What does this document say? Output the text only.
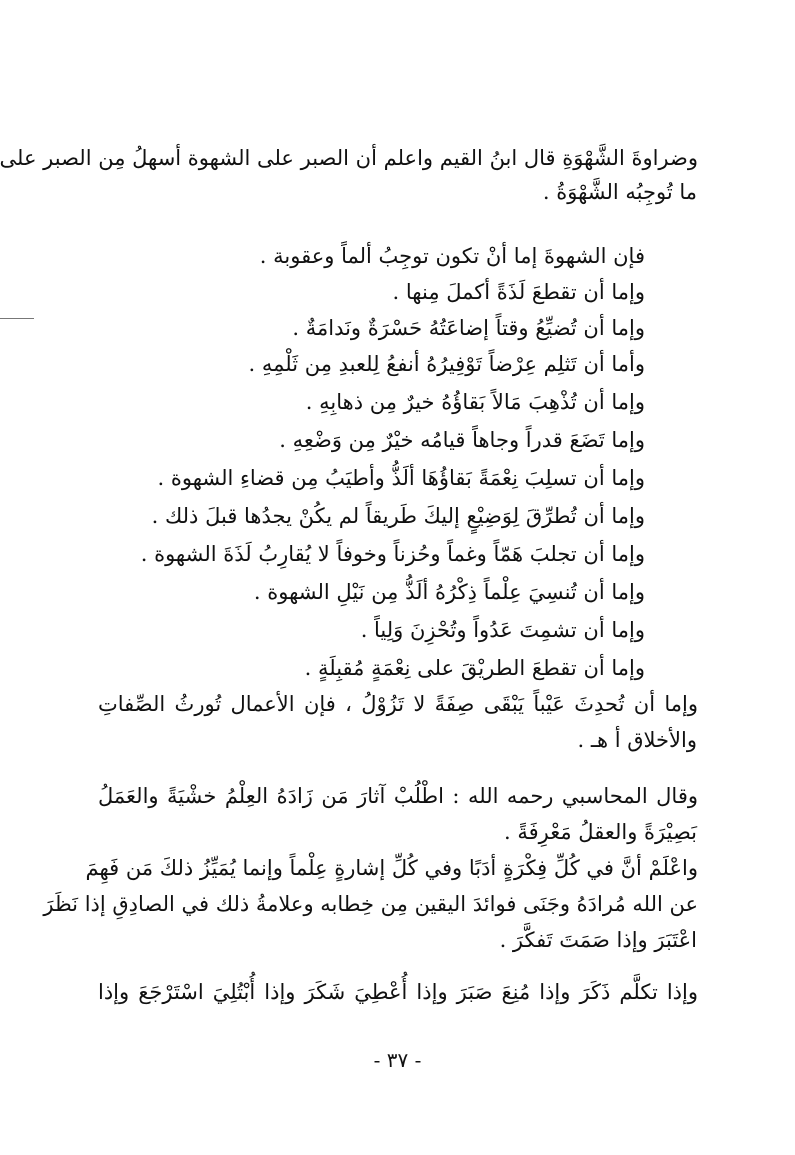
وضراوةَ الشَّهْوَةِ قال ابنُ القيم واعلم أن الصبر على الشهوة أسهلُ مِن الصبر على
ما تُوجِبُه الشَّهْوَةُ .
فإن الشهوةَ إما أنْ تكون توجِبُ ألماً وعقوبة .
وإما أن تقطعَ لَذَةً أكملَ مِنها .
وإما أن تُضيِّعُ وقتاً إضاعَتُهُ حَسْرَةٌ ونَدامَةٌ .
وأما أن تَثلِم عِرْضاً تَوْفِيرُهُ أنفعُ لِلعبدِ مِن ثَلْمِهِ .
وإما أن تُذْهِبَ مَالاً بَقاؤُهُ خيرٌ مِن ذهابِهِ .
وإما تَضَعَ قدراً وجاهاً قيامُه خيْرٌ مِن وَضْعِهِ .
وإما أن تسلِبَ نِعْمَةً بَقاؤُهَا ألَذُّ وأطيَبُ مِن قضاءِ الشهوة .
وإما أن تُطرِّقَ لِوَضِيْعٍ إليكَ طَريقاً لم يكُنْ يجدُها قبلَ ذلك .
وإما أن تجلبَ هَمّاً وغماً وحُزناً وخوفاً لا يُقارِبُ لَذَةَ الشهوة .
وإما أن تُنسِيَ عِلْماً ذِكْرُهُ ألَذُّ مِن نَيْلِ الشهوة .
وإما أن تشمِتَ عَدُواً وتُحْزِنَ وَلِياً .
وإما أن تقطعَ الطريْقَ على نِعْمَةٍ مُقبِلَةٍ .
وإما أن تُحدِثَ عَيْباً يَبْقَى صِفَةً لا تَزُوْلُ ، فإن الأعمال تُورثُ الصِّفاتِ
والأخلاق أ هـ .
وقال المحاسبي رحمه الله : اطْلُبْ آثارَ مَن زَادَهُ العِلْمُ خشْيَةً والعَمَلُ
بَصِيْرَةً والعقلُ مَعْرِفَةً .
واعْلَمْ أنَّ في كُلِّ فِكْرَةٍ أدَبًا وفي كُلِّ إشارةٍ عِلْماً وإنما يُمَيِّزُ ذلكَ مَن فَهِمَ
عن الله مُرادَهُ وجَنَى فوائدَ اليقين مِن خِطابه وعلامةُ ذلك في الصادِقِ إذا نَظَرَ
اعْتَبَرَ وإذا صَمَتَ تَفكَّرَ .
وإذا تكلَّم ذَكَرَ وإذا مُنِعَ صَبَرَ وإذا أُعْطِيَ شَكَرَ وإذا أُبْتُلِيَ اسْتَرْجَعَ وإذا
- ٣٧ -
